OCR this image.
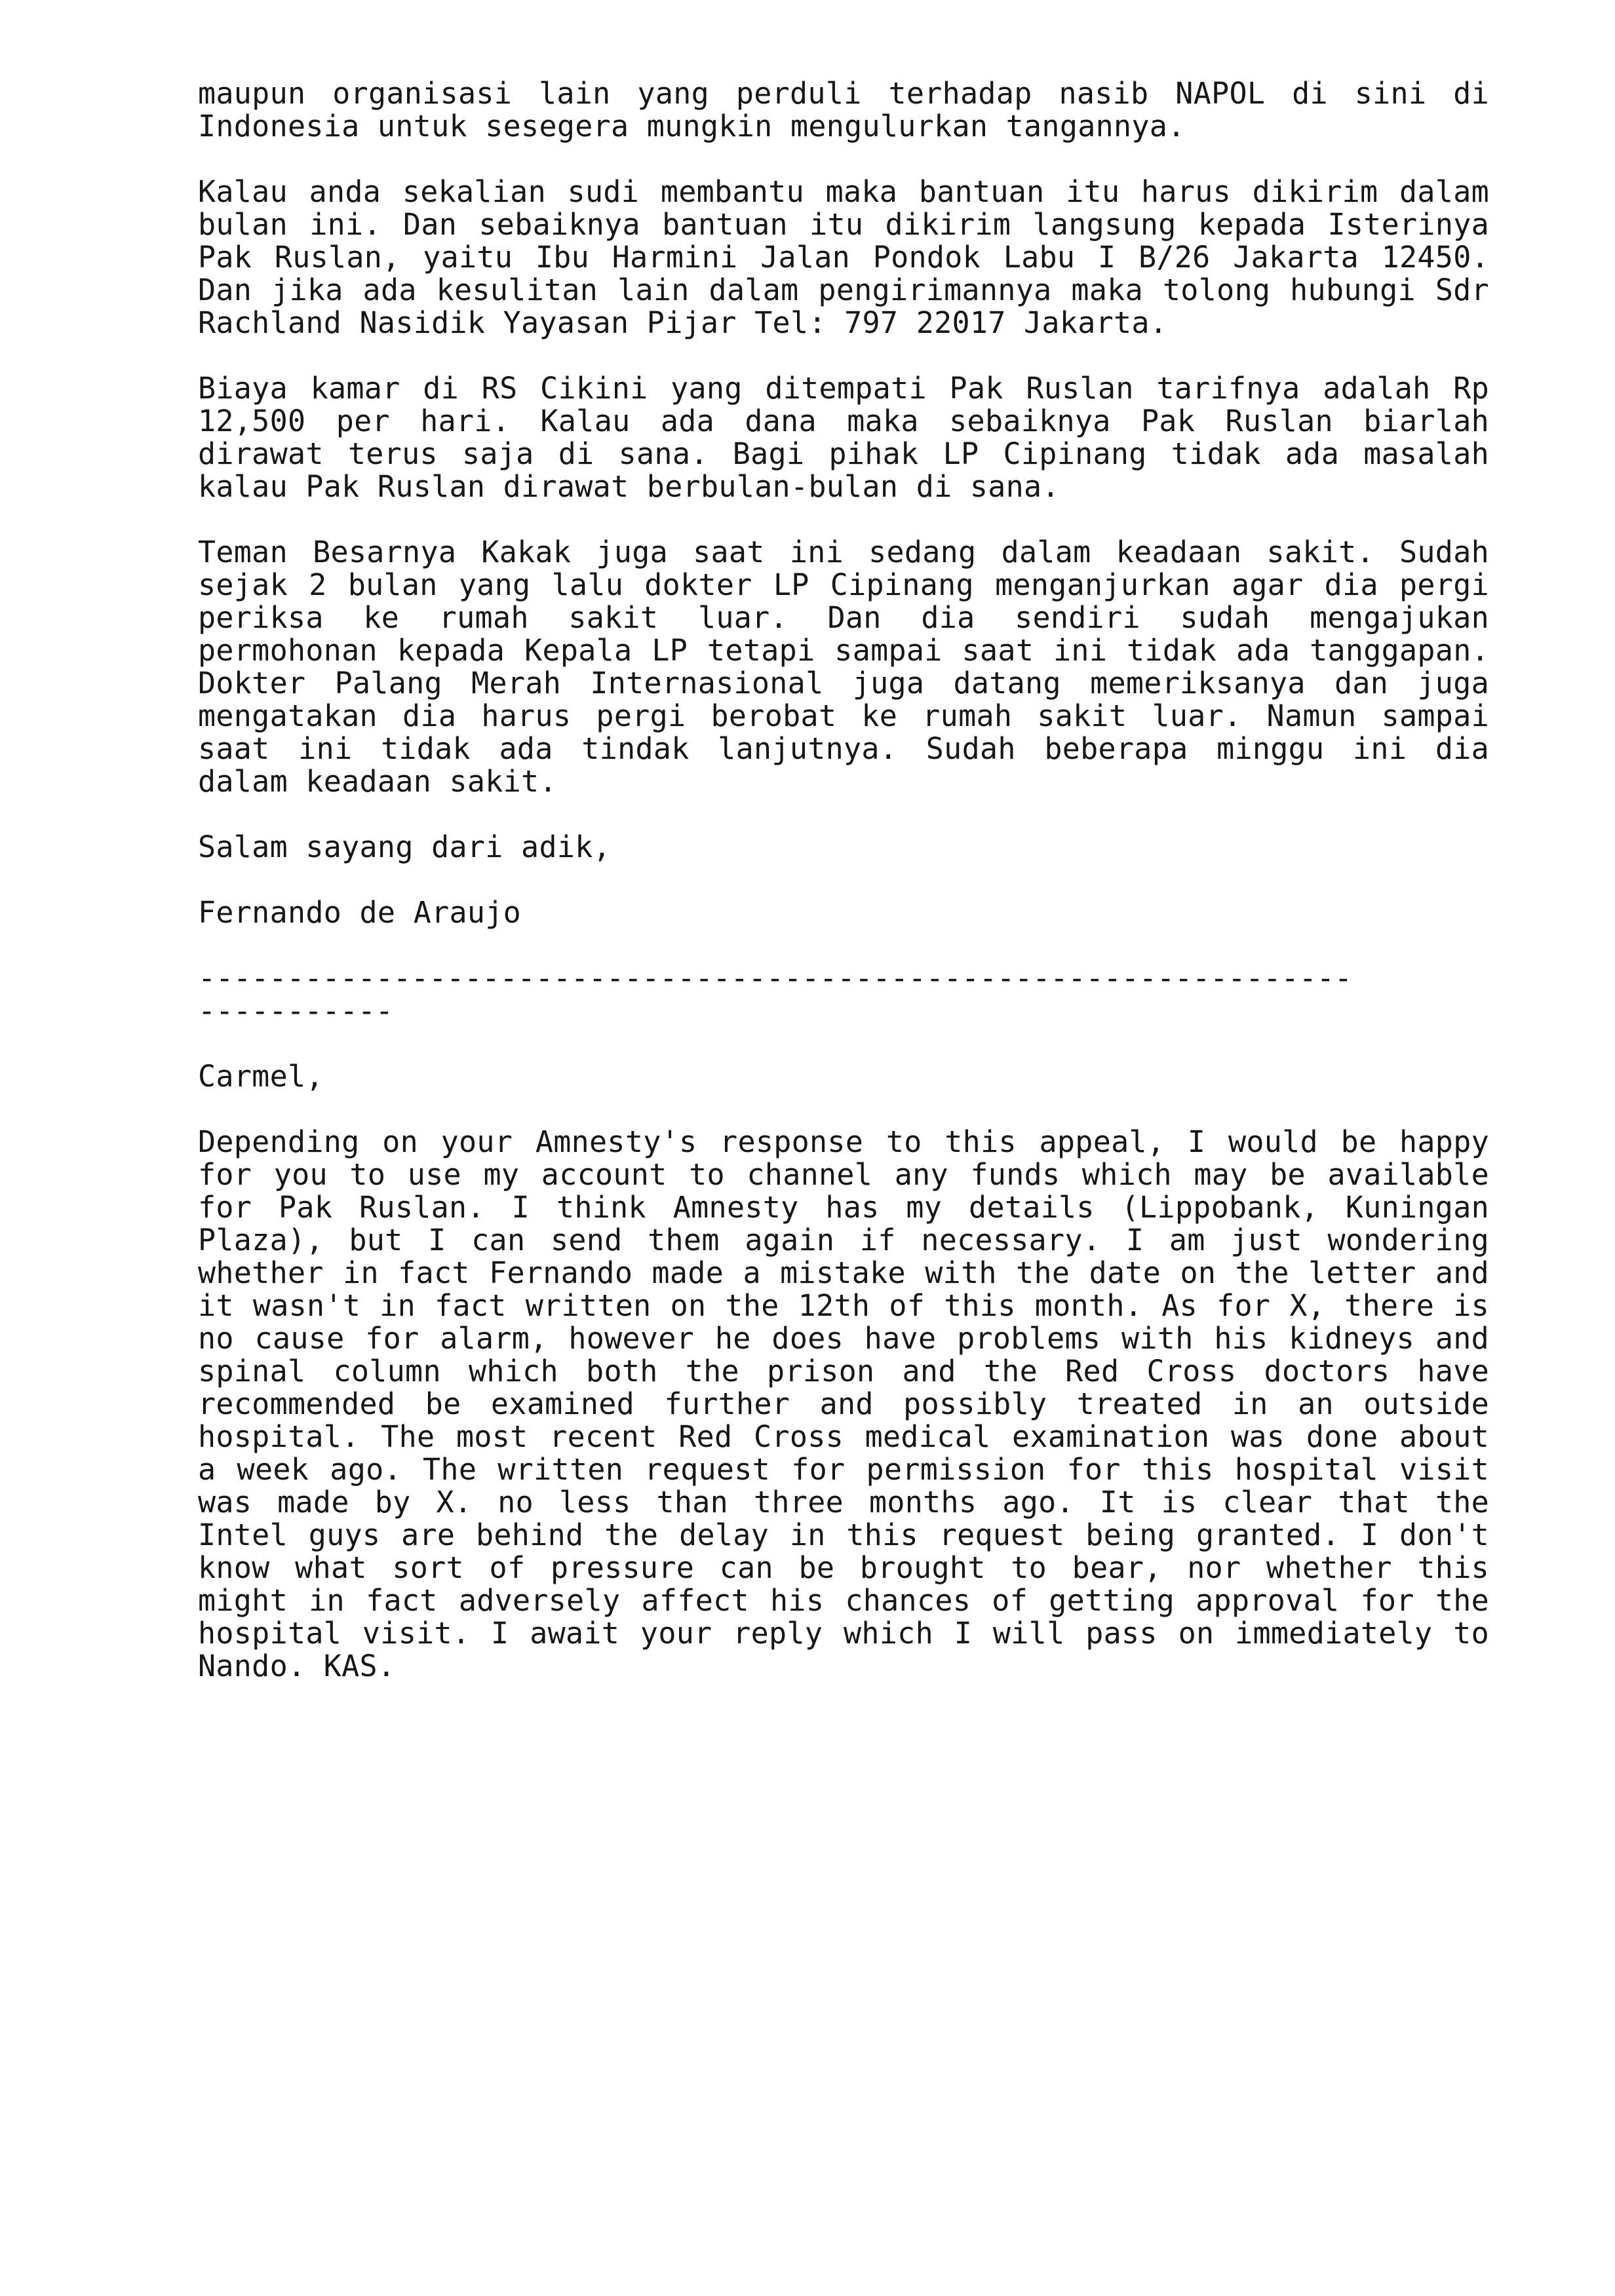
maupun organisasi lain yang perduli terhadap nasib NAPOL di sini di Indonesia untuk sesegera mungkin mengulurkan tangannya.

Kalau anda sekalian sudi membantu maka bantuan itu harus dikirim dalam bulan ini. Dan sebaiknya bantuan itu dikirim langsung kepada Isterinya Pak Ruslan, yaitu Ibu Harmini Jalan Pondok Labu I B/26 Jakarta 12450. Dan jika ada kesulitan lain dalam pengirimannya maka tolong hubungi Sdr Rachland Nasidik Yayasan Pijar Tel: 797 22017 Jakarta.

Biaya kamar di RS Cikini yang ditempati Pak Ruslan tarifnya adalah Rp 12,500 per hari. Kalau ada dana maka sebaiknya Pak Ruslan biarlah dirawat terus saja di sana. Bagi pihak LP Cipinang tidak ada masalah kalau Pak Ruslan dirawat berbulan-bulan di sana.

Teman Besarnya Kakak juga saat ini sedang dalam keadaan sakit. Sudah sejak 2 bulan yang lalu dokter LP Cipinang menganjurkan agar dia pergi periksa ke rumah sakit luar. Dan dia sendiri sudah mengajukan permohonan kepada Kepala LP tetapi sampai saat ini tidak ada tanggapan. Dokter Palang Merah Internasional juga datang memeriksanya dan juga mengatakan dia harus pergi berobat ke rumah sakit luar. Namun sampai saat ini tidak ada tindak lanjutnya. Sudah beberapa minggu ini dia dalam keadaan sakit.

Salam sayang dari adik,

Fernando de Araujo

-----------------------------------------------------------------
-----------

Carmel,

Depending on your Amnesty's response to this appeal, I would be happy for you to use my account to channel any funds which may be available for Pak Ruslan. I think Amnesty has my details (Lippobank, Kuningan Plaza), but I can send them again if necessary. I am just wondering whether in fact Fernando made a mistake with the date on the letter and it wasn't in fact written on the 12th of this month. As for X, there is no cause for alarm, however he does have problems with his kidneys and spinal column which both the prison and the Red Cross doctors have recommended be examined further and possibly treated in an outside hospital. The most recent Red Cross medical examination was done about a week ago. The written request for permission for this hospital visit was made by X. no less than three months ago. It is clear that the Intel guys are behind the delay in this request being granted. I don't know what sort of pressure can be brought to bear, nor whether this might in fact adversely affect his chances of getting approval for the hospital visit. I await your reply which I will pass on immediately to Nando. KAS.
